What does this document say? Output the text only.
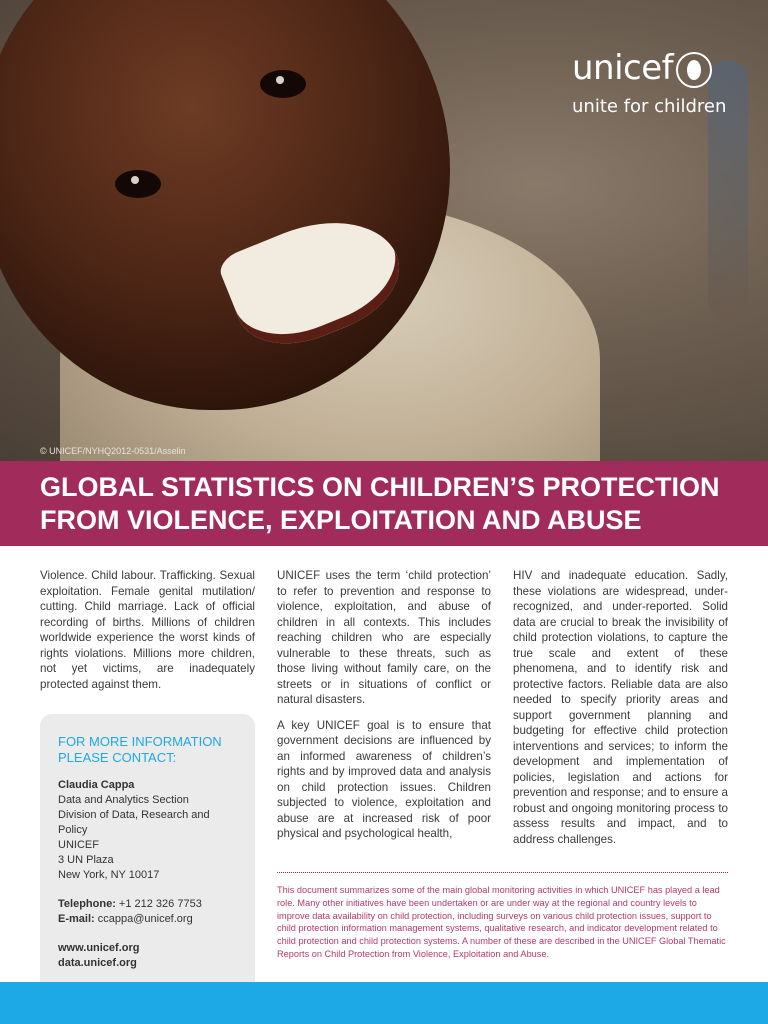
© UNICEF/NYHQ2012-0531/Asselin
unicef
unite for children
GLOBAL STATISTICS ON CHILDREN’S PROTECTION
FROM VIOLENCE, EXPLOITATION AND ABUSE

Violence. Child labour. Trafficking. Sexual exploitation. Female genital mutilation/ cutting. Child marriage. Lack of official recording of births. Millions of children worldwide experience the worst kinds of rights violations. Millions more children, not yet victims, are inadequately protected against them.

FOR MORE INFORMATION
PLEASE CONTACT:
Claudia Cappa
Data and Analytics Section
Division of Data, Research and Policy
UNICEF
3 UN Plaza
New York, NY 10017
Telephone: +1 212 326 7753
E-mail: ccappa@unicef.org
www.unicef.org
data.unicef.org

UNICEF uses the term ‘child protection’ to refer to prevention and response to violence, exploitation, and abuse of children in all contexts. This includes reaching children who are especially vulnerable to these threats, such as those living without family care, on the streets or in situations of conflict or natural disasters.

A key UNICEF goal is to ensure that government decisions are influenced by an informed awareness of children’s rights and by improved data and analysis on child protection issues. Children subjected to violence, exploitation and abuse are at increased risk of poor physical and psychological health,

HIV and inadequate education. Sadly, these violations are widespread, under-recognized, and under-reported. Solid data are crucial to break the invisibility of child protection violations, to capture the true scale and extent of these phenomena, and to identify risk and protective factors. Reliable data are also needed to specify priority areas and support government planning and budgeting for effective child protection interventions and services; to inform the development and implementation of policies, legislation and actions for prevention and response; and to ensure a robust and ongoing monitoring process to assess results and impact, and to address challenges.

This document summarizes some of the main global monitoring activities in which UNICEF has played a lead role. Many other initiatives have been undertaken or are under way at the regional and country levels to improve data availability on child protection, including surveys on various child protection issues, support to child protection information management systems, qualitative research, and indicator development related to child protection and child protection systems. A number of these are described in the UNICEF Global Thematic Reports on Child Protection from Violence, Exploitation and Abuse.
